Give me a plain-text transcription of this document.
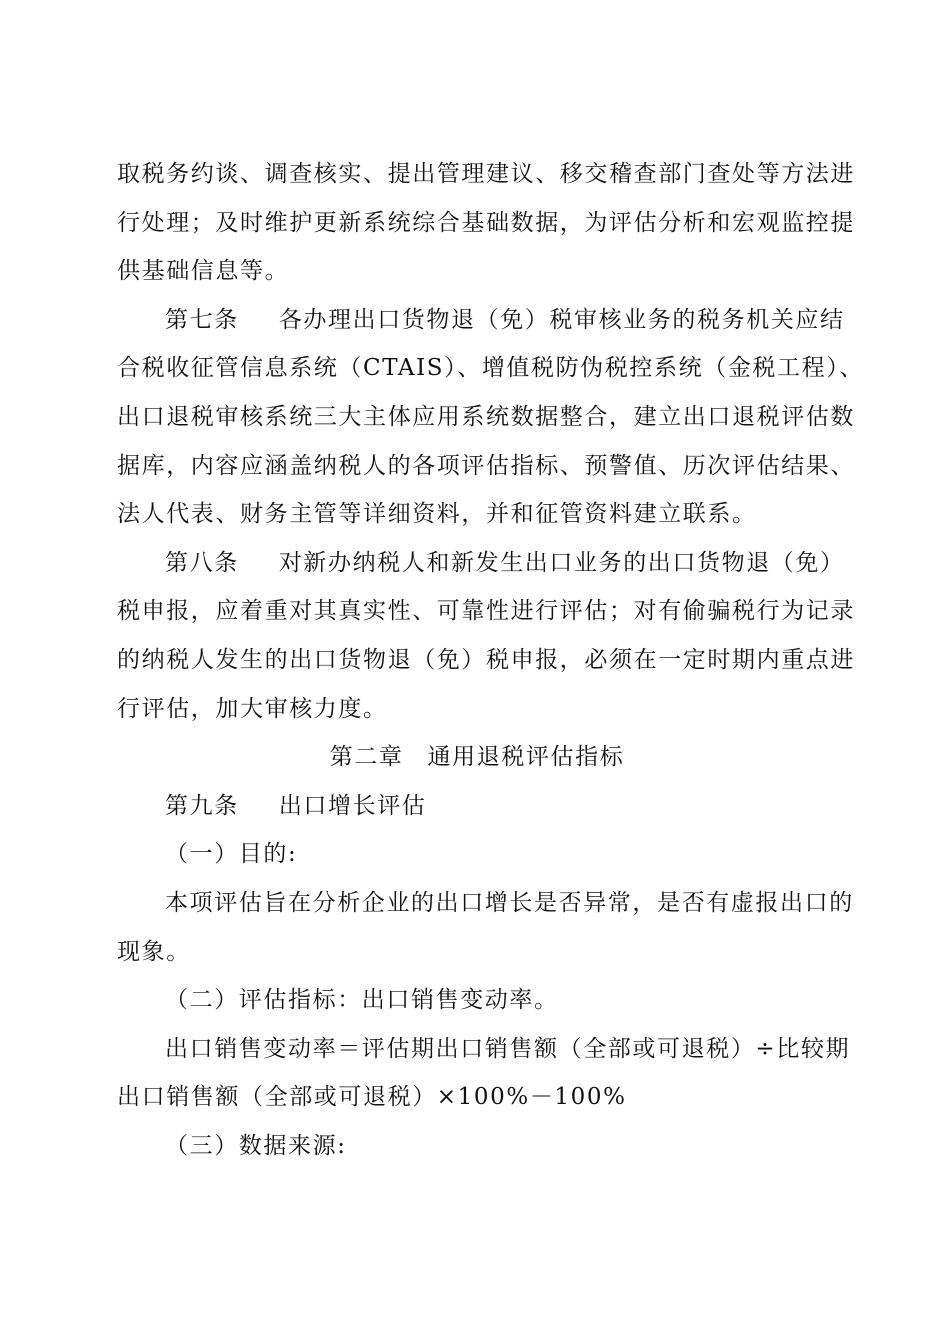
取税务约谈、调查核实、提出管理建议、移交稽查部门查处等方法进
行处理；及时维护更新系统综合基础数据，为评估分析和宏观监控提
供基础信息等。
第七条 各办理出口货物退（免）税审核业务的税务机关应结
合税收征管信息系统（CTAIS）、增值税防伪税控系统（金税工程）、
出口退税审核系统三大主体应用系统数据整合，建立出口退税评估数
据库，内容应涵盖纳税人的各项评估指标、预警值、历次评估结果、
法人代表、财务主管等详细资料，并和征管资料建立联系。
第八条 对新办纳税人和新发生出口业务的出口货物退（免）
税申报，应着重对其真实性、可靠性进行评估；对有偷骗税行为记录
的纳税人发生的出口货物退（免）税申报，必须在一定时期内重点进
行评估，加大审核力度。
第二章 通用退税评估指标
第九条 出口增长评估
（一）目的:
本项评估旨在分析企业的出口增长是否异常，是否有虚报出口的
现象。
（二）评估指标：出口销售变动率。
出口销售变动率＝评估期出口销售额（全部或可退税）÷比较期
出口销售额（全部或可退税）×100%－100%
（三）数据来源:
